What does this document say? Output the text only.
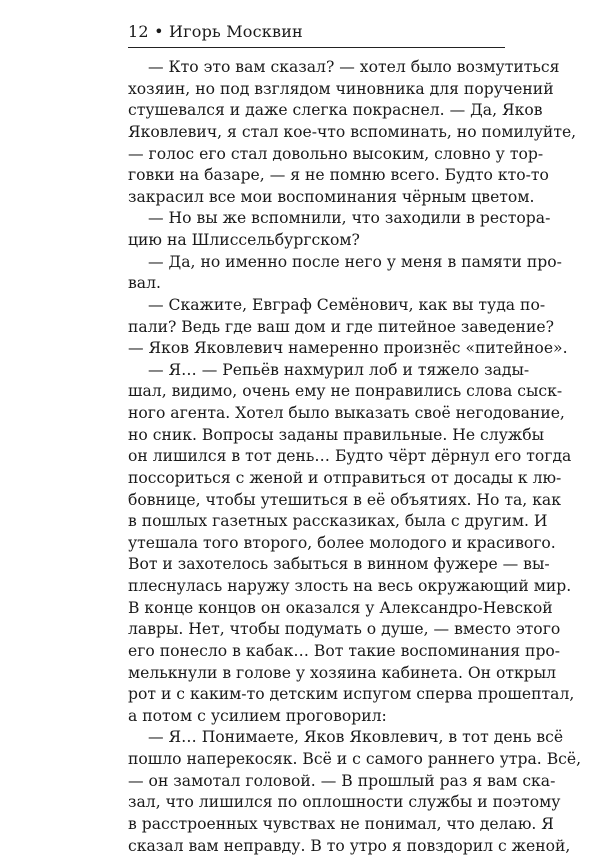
12 • Игорь Москвин
— Кто это вам сказал? — хотел было возмутиться
хозяин, но под взглядом чиновника для поручений
стушевался и даже слегка покраснел. — Да, Яков
Яковлевич, я стал кое-что вспоминать, но помилуйте,
— голос его стал довольно высоким, словно у тор-
говки на базаре, — я не помню всего. Будто кто-то
закрасил все мои воспоминания чёрным цветом.
— Но вы же вспомнили, что заходили в рестора-
цию на Шлиссельбургском?
— Да, но именно после него у меня в памяти про-
вал.
— Скажите, Евграф Семёнович, как вы туда по-
пали? Ведь где ваш дом и где питейное заведение?
— Яков Яковлевич намеренно произнёс «питейное».
— Я… — Репьёв нахмурил лоб и тяжело зады-
шал, видимо, очень ему не понравились слова сыск-
ного агента. Хотел было выказать своё негодование,
но сник. Вопросы заданы правильные. Не службы
он лишился в тот день… Будто чёрт дёрнул его тогда
поссориться с женой и отправиться от досады к лю-
бовнице, чтобы утешиться в её объятиях. Но та, как
в пошлых газетных рассказиках, была с другим. И
утешала того второго, более молодого и красивого.
Вот и захотелось забыться в винном фужере — вы-
плеснулась наружу злость на весь окружающий мир.
В конце концов он оказался у Александро-Невской
лавры. Нет, чтобы подумать о душе, — вместо этого
его понесло в кабак… Вот такие воспоминания про-
мелькнули в голове у хозяина кабинета. Он открыл
рот и с каким-то детским испугом сперва прошептал,
а потом с усилием проговорил:
— Я… Понимаете, Яков Яковлевич, в тот день всё
пошло наперекосяк. Всё и с самого раннего утра. Всё,
— он замотал головой. — В прошлый раз я вам ска-
зал, что лишился по оплошности службы и поэтому
в расстроенных чувствах не понимал, что делаю. Я
сказал вам неправду. В то утро я повздорил с женой,
